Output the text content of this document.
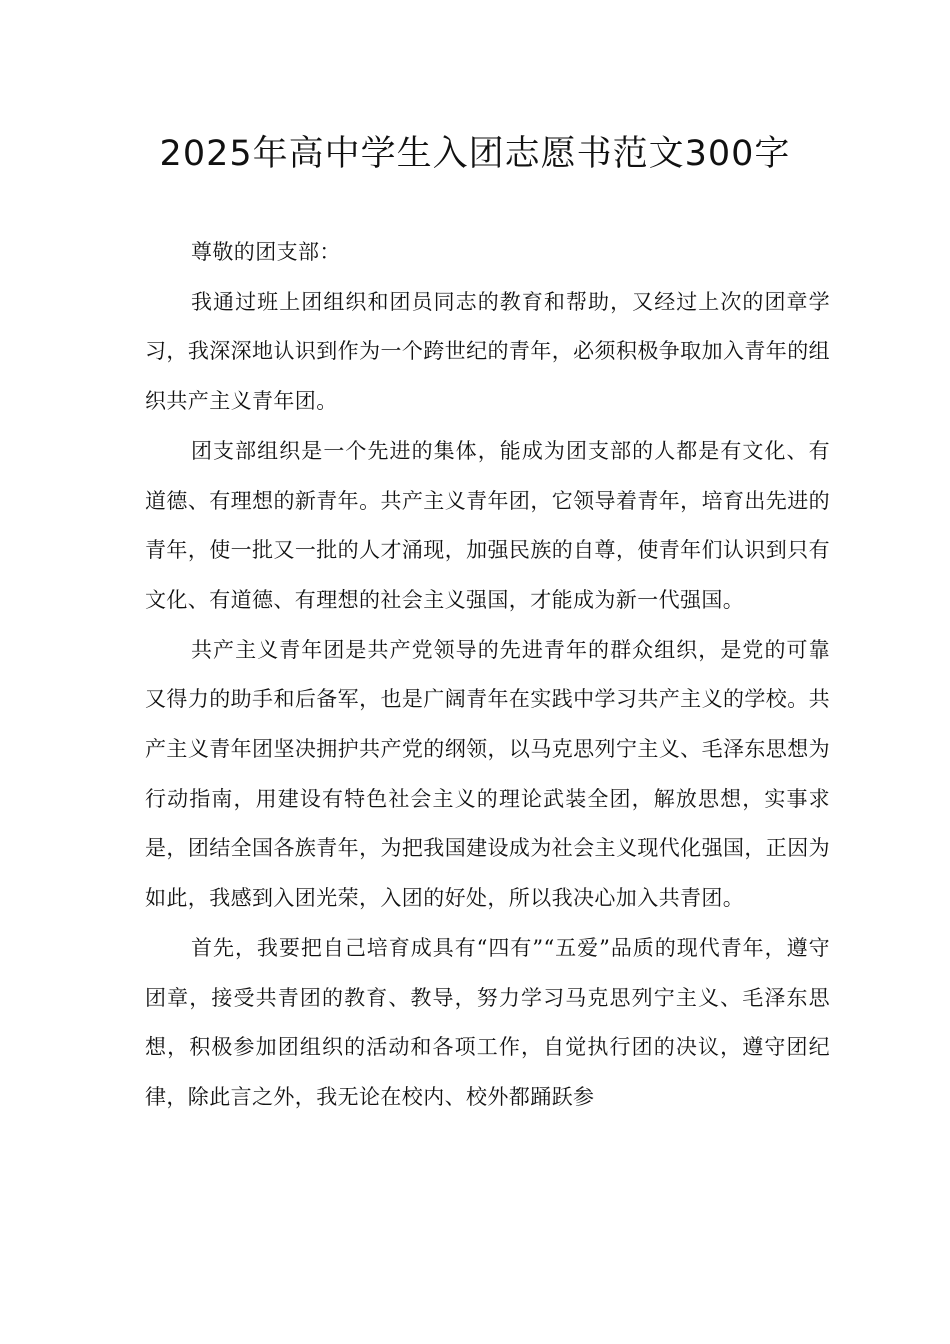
2025年高中学生入团志愿书范文300字

尊敬的团支部：

我通过班上团组织和团员同志的教育和帮助，又经过上次的团章学习，我深深地认识到作为一个跨世纪的青年，必须积极争取加入青年的组织共产主义青年团。

团支部组织是一个先进的集体，能成为团支部的人都是有文化、有道德、有理想的新青年。共产主义青年团，它领导着青年，培育出先进的青年，使一批又一批的人才涌现，加强民族的自尊，使青年们认识到只有文化、有道德、有理想的社会主义强国，才能成为新一代强国。

共产主义青年团是共产党领导的先进青年的群众组织，是党的可靠又得力的助手和后备军，也是广阔青年在实践中学习共产主义的学校。共产主义青年团坚决拥护共产党的纲领，以马克思列宁主义、毛泽东思想为行动指南，用建设有特色社会主义的理论武装全团，解放思想，实事求是，团结全国各族青年，为把我国建设成为社会主义现代化强国，正因为如此，我感到入团光荣，入团的好处，所以我决心加入共青团。

首先，我要把自己培育成具有“四有”“五爱”品质的现代青年，遵守团章，接受共青团的教育、教导，努力学习马克思列宁主义、毛泽东思想，积极参加团组织的活动和各项工作，自觉执行团的决议，遵守团纪律，除此言之外，我无论在校内、校外都踊跃参
